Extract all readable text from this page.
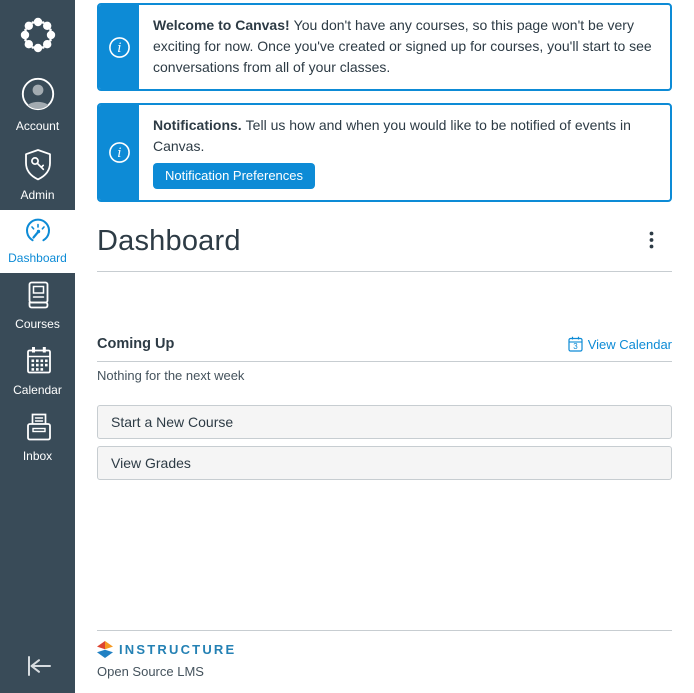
Account
Admin
Dashboard
Courses
Calendar
Inbox
i
Welcome to Canvas! You don't have any courses, so this page won't be very exciting for now. Once you've created or signed up for courses, you'll start to see conversations from all of your classes.
i
Notifications. Tell us how and when you would like to be notified of events in Canvas.
Notification Preferences
Dashboard
Coming Up	3 View Calendar
Nothing for the next week
Start a New Course
View Grades
INSTRUCTURE
Open Source LMS
